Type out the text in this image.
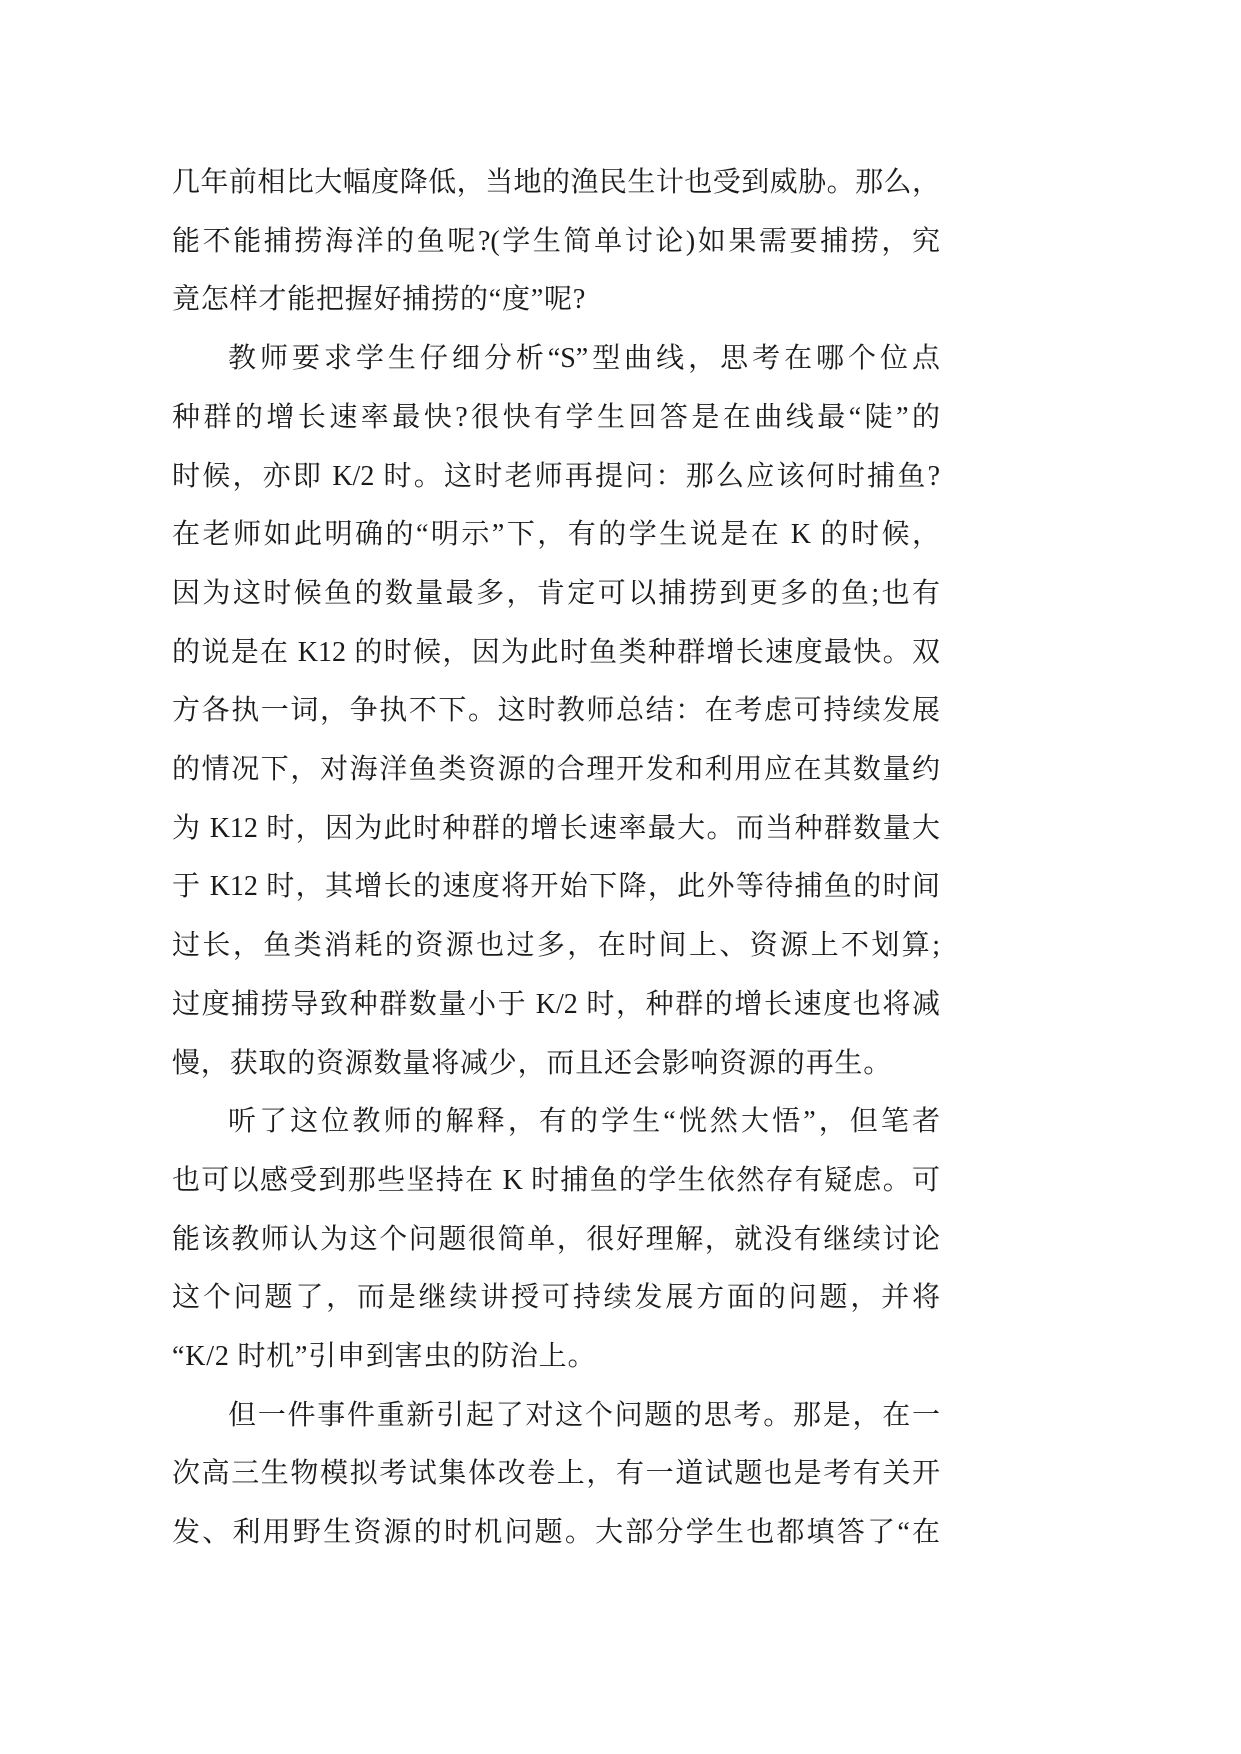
几年前相比大幅度降低，当地的渔民生计也受到威胁。那么，
能不能捕捞海洋的鱼呢?(学生简单讨论)如果需要捕捞，究
竟怎样才能把握好捕捞的“度”呢?
教师要求学生仔细分析“S”型曲线，思考在哪个位点
种群的增长速率最快?很快有学生回答是在曲线最“陡”的
时候，亦即 K/2 时。这时老师再提问：那么应该何时捕鱼?
在老师如此明确的“明示”下，有的学生说是在 K 的时候，
因为这时候鱼的数量最多，肯定可以捕捞到更多的鱼;也有
的说是在 K12 的时候，因为此时鱼类种群增长速度最快。双
方各执一词，争执不下。这时教师总结：在考虑可持续发展
的情况下，对海洋鱼类资源的合理开发和利用应在其数量约
为 K12 时，因为此时种群的增长速率最大。而当种群数量大
于 K12 时，其增长的速度将开始下降，此外等待捕鱼的时间
过长，鱼类消耗的资源也过多，在时间上、资源上不划算;
过度捕捞导致种群数量小于 K/2 时，种群的增长速度也将减
慢，获取的资源数量将减少，而且还会影响资源的再生。
听了这位教师的解释，有的学生“恍然大悟”，但笔者
也可以感受到那些坚持在 K 时捕鱼的学生依然存有疑虑。可
能该教师认为这个问题很简单，很好理解，就没有继续讨论
这个问题了，而是继续讲授可持续发展方面的问题，并将
“K/2 时机”引申到害虫的防治上。
但一件事件重新引起了对这个问题的思考。那是，在一
次高三生物模拟考试集体改卷上，有一道试题也是考有关开
发、利用野生资源的时机问题。大部分学生也都填答了“在
